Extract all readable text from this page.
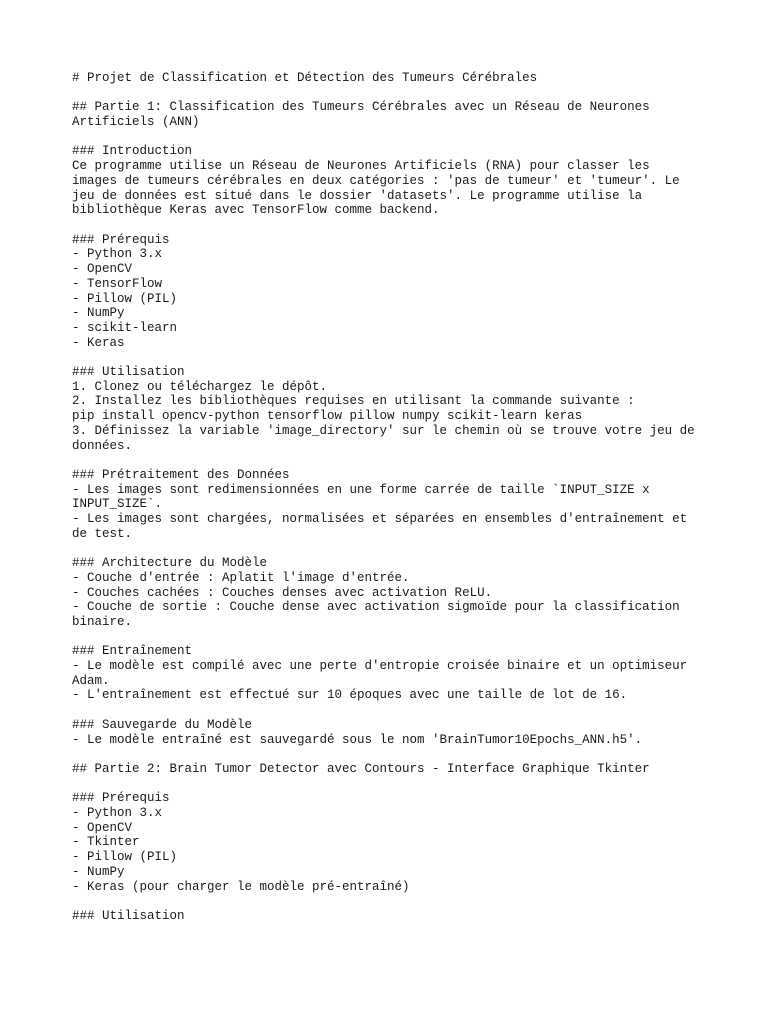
# Projet de Classification et Détection des Tumeurs Cérébrales
## Partie 1: Classification des Tumeurs Cérébrales avec un Réseau de Neurones
Artificiels (ANN)
### Introduction
Ce programme utilise un Réseau de Neurones Artificiels (RNA) pour classer les
images de tumeurs cérébrales en deux catégories : 'pas de tumeur' et 'tumeur'. Le
jeu de données est situé dans le dossier 'datasets'. Le programme utilise la
bibliothèque Keras avec TensorFlow comme backend.
### Prérequis
- Python 3.x
- OpenCV
- TensorFlow
- Pillow (PIL)
- NumPy
- scikit-learn
- Keras
### Utilisation
1. Clonez ou téléchargez le dépôt.
2. Installez les bibliothèques requises en utilisant la commande suivante :
pip install opencv-python tensorflow pillow numpy scikit-learn keras
3. Définissez la variable 'image_directory' sur le chemin où se trouve votre jeu de
données.
### Prétraitement des Données
- Les images sont redimensionnées en une forme carrée de taille `INPUT_SIZE x
INPUT_SIZE`.
- Les images sont chargées, normalisées et séparées en ensembles d'entraînement et
de test.
### Architecture du Modèle
- Couche d'entrée : Aplatit l'image d'entrée.
- Couches cachées : Couches denses avec activation ReLU.
- Couche de sortie : Couche dense avec activation sigmoïde pour la classification
binaire.
### Entraînement
- Le modèle est compilé avec une perte d'entropie croisée binaire et un optimiseur
Adam.
- L'entraînement est effectué sur 10 époques avec une taille de lot de 16.
### Sauvegarde du Modèle
- Le modèle entraîné est sauvegardé sous le nom 'BrainTumor10Epochs_ANN.h5'.
## Partie 2: Brain Tumor Detector avec Contours - Interface Graphique Tkinter
### Prérequis
- Python 3.x
- OpenCV
- Tkinter
- Pillow (PIL)
- NumPy
- Keras (pour charger le modèle pré-entraîné)
### Utilisation
